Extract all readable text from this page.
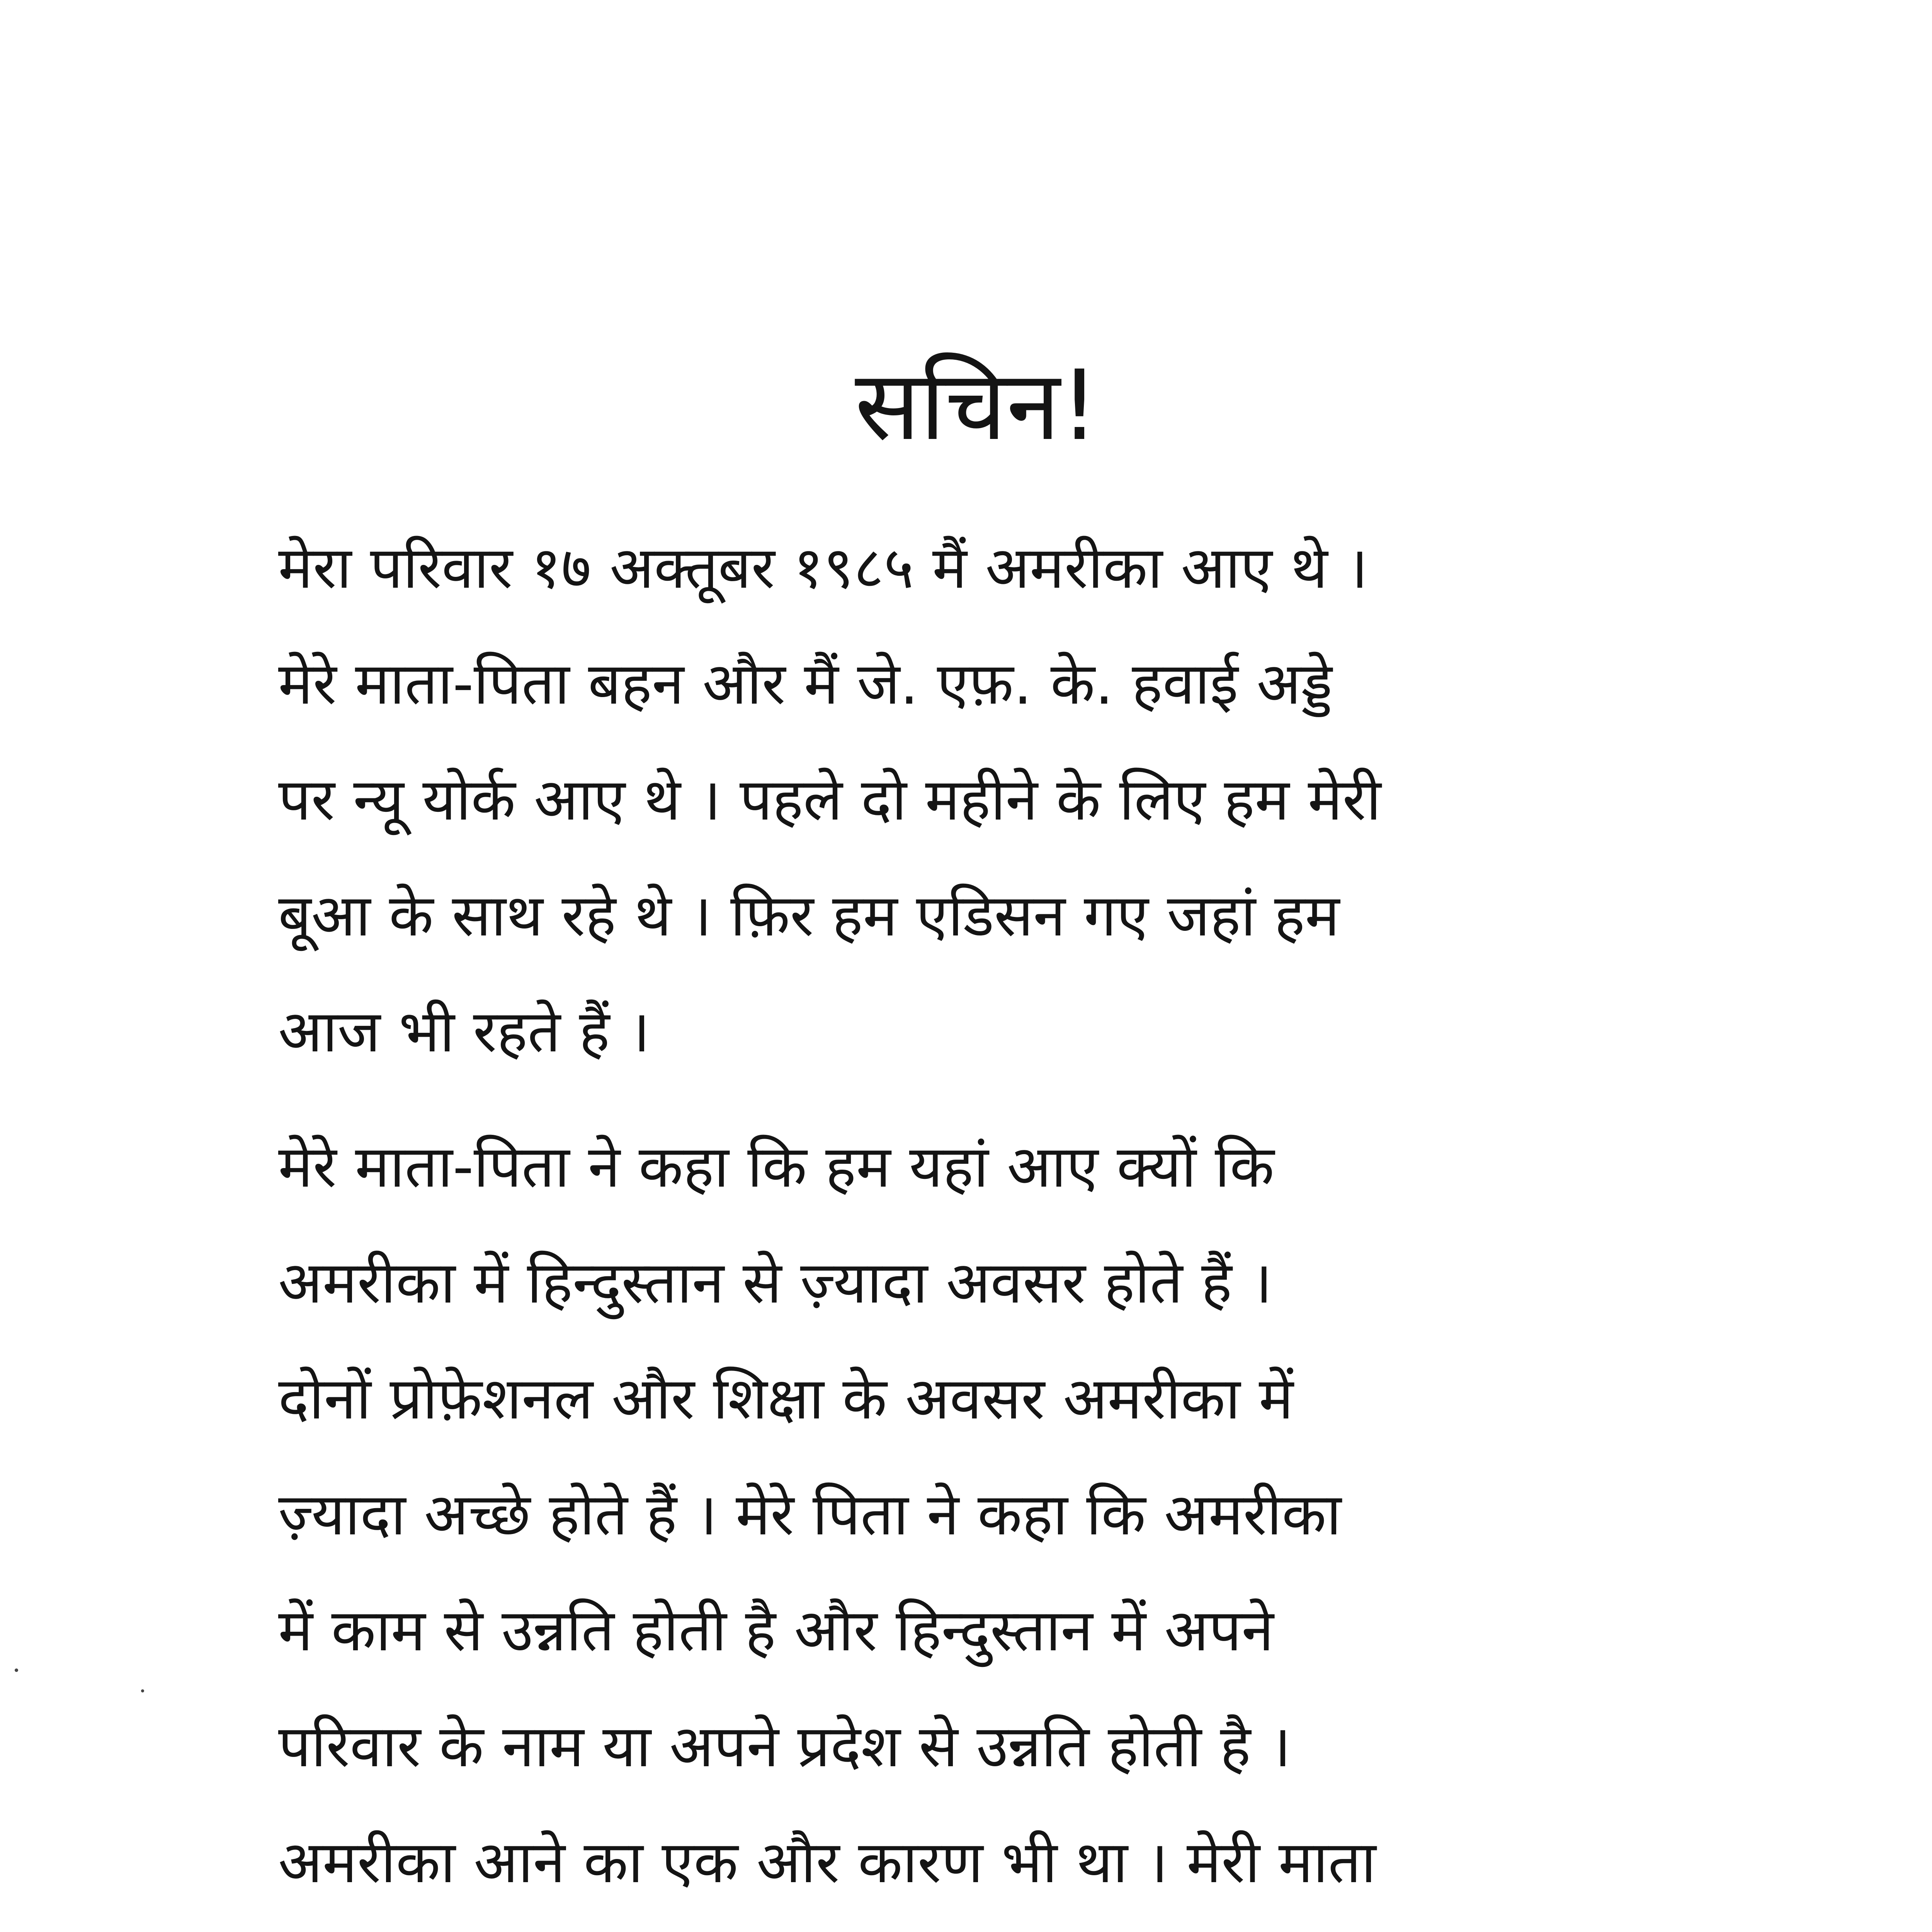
सचिन!
मेरा परिवार १७ अक्तूबर १९८५ मैं अमरीका आए थे ।
मेरे माता-पिता बहन और मैं जे. एफ़. के. हवाई अड्डे
पर न्यू योर्क आए थे । पहले दो महीने के लिए हम मेरी
बूआ के साथ रहे थे । फ़िर हम एडिसन गए जहां हम
आज भी रहते हैं ।
मेरे माता-पिता ने कहा कि हम यहां आए क्यों कि
अमरीका में हिन्दुस्तान से ज़्यादा अवसर होते हैं ।
दोनों प्रोफ़ेशनल और शिक्षा के अवसर अमरीका में
ज़्यादा अच्छे होते हैं । मेरे पिता ने कहा कि अमरीका
में काम से उन्नति होती है और हिन्दुस्तान में अपने
परिवार के नाम या अपने प्रदेश से उन्नति होती है ।
अमरीका आने का एक और कारण भी था । मेरी माता
